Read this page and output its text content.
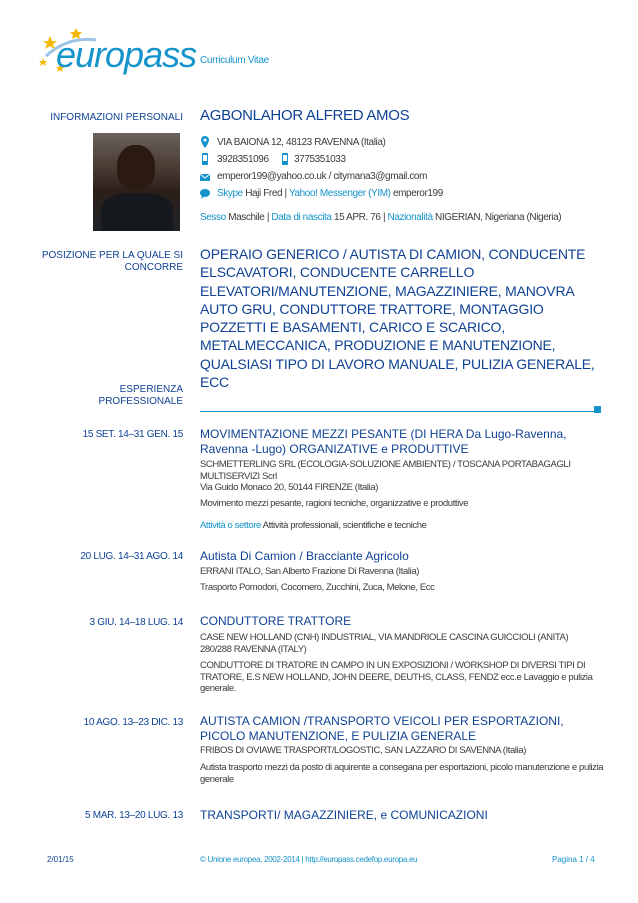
europass Curriculum Vitae
INFORMAZIONI PERSONALI AGBONLAHOR ALFRED AMOS
VIA BAIONA 12, 48123 RAVENNA (Italia)
3928351096	3775351033
emperor199@yahoo.co.uk / citymana3@gmail.com
Skype Haji Fred | Yahoo! Messenger (YIM) emperor199
Sesso Maschile | Data di nascita 15 APR. 76 | Nazionalità NIGERIAN, Nigeriana (Nigeria)
POSIZIONE PER LA QUALE SI
CONCORRE
OPERAIO GENERICO / AUTISTA DI CAMION, CONDUCENTE ELSCAVATORI, CONDUCENTE CARRELLO ELEVATORI/MANUTENZIONE, MAGAZZINIERE, MANOVRA AUTO GRU, CONDUTTORE TRATTORE, MONTAGGIO POZZETTI E BASAMENTI, CARICO E SCARICO, METALMECCANICA, PRODUZIONE E MANUTENZIONE, QUALSIASI TIPO DI LAVORO MANUALE, PULIZIA GENERALE, ECC
ESPERIENZA
PROFESSIONALE
15 SET. 14–31 GEN. 15 MOVIMENTAZIONE MEZZI PESANTE (DI HERA Da Lugo-Ravenna, Ravenna -Lugo) ORGANIZATIVE e PRODUTTIVE
SCHMETTERLING SRL (ECOLOGIA-SOLUZIONE AMBIENTE) / TOSCANA PORTABAGAGLI MULTISERVIZI Scrl
Via Guido Monaco 20, 50144 FIRENZE (Italia)
Movimento mezzi pesante, ragioni tecniche, organizzative e produttive
Attività o settore Attività professionali, scientifiche e tecniche
20 LUG. 14–31 AGO. 14 Autista Di Camion / Bracciante Agricolo
ERRANI ITALO, San Alberto Frazione Di Ravenna (Italia)
Trasporto Pomodori, Cocomero, Zucchini, Zuca, Melone, Ecc
3 GIU. 14–18 LUG. 14 CONDUTTORE TRATTORE
CASE NEW HOLLAND (CNH) INDUSTRIAL, VIA MANDRIOLE CASCINA GUICCIOLI (ANITA) 280/288 RAVENNA (ITALY)
CONDUTTORE DI TRATORE IN CAMPO IN UN EXPOSIZIONI / WORKSHOP DI DIVERSI TIPI DI TRATORE, E.S NEW HOLLAND, JOHN DEERE, DEUTHS, CLASS, FENDZ ecc.e Lavaggio e pulizia generale.
10 AGO. 13–23 DIC. 13 AUTISTA CAMION /TRANSPORTO VEICOLI PER ESPORTAZIONI, PICOLO MANUTENZIONE, E PULIZIA GENERALE
FRIBOS DI OVIAWE TRASPORT/LOGOSTIC, SAN LAZZARO DI SAVENNA (Italia)
Autista trasporto mezzi da posto di aquirente a consegana per esportazioni, picolo manutenzione e pulizia generale
5 MAR. 13–20 LUG. 13 TRANSPORTI/ MAGAZZINIERE, e COMUNICAZIONI
2/01/15	© Unione europea, 2002-2014 | http://europass.cedefop.europa.eu	Pagina 1 / 4
